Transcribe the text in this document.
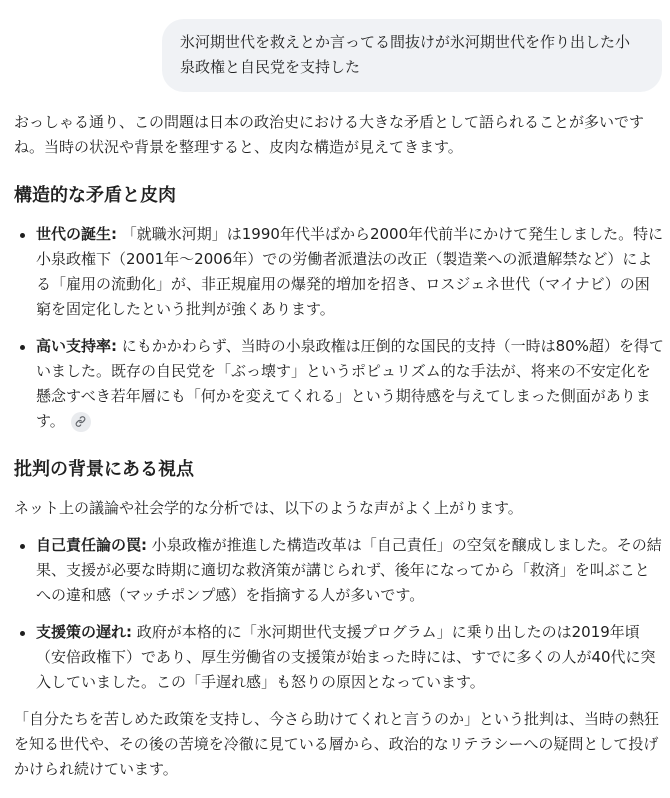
氷河期世代を救えとか言ってる間抜けが氷河期世代を作り出した小泉政権と自民党を支持した

おっしゃる通り、この問題は日本の政治史における大きな矛盾として語られることが多いですね。当時の状況や背景を整理すると、皮肉な構造が見えてきます。

構造的な矛盾と皮肉
世代の誕生: 「就職氷河期」は1990年代半ばから2000年代前半にかけて発生しました。特に小泉政権下（2001年〜2006年）での労働者派遣法の改正（製造業への派遣解禁など）による「雇用の流動化」が、非正規雇用の爆発的増加を招き、ロスジェネ世代（マイナビ）の困窮を固定化したという批判が強くあります。
高い支持率: にもかかわらず、当時の小泉政権は圧倒的な国民的支持（一時は80%超）を得ていました。既存の自民党を「ぶっ壊す」というポピュリズム的な手法が、将来の不安定化を懸念すべき若年層にも「何かを変えてくれる」という期待感を与えてしまった側面があります。
批判の背景にある視点

ネット上の議論や社会学的な分析では、以下のような声がよく上がります。

自己責任論の罠: 小泉政権が推進した構造改革は「自己責任」の空気を醸成しました。その結果、支援が必要な時期に適切な救済策が講じられず、後年になってから「救済」を叫ぶことへの違和感（マッチポンプ感）を指摘する人が多いです。
支援策の遅れ: 政府が本格的に「氷河期世代支援プログラム」に乗り出したのは2019年頃（安倍政権下）であり、厚生労働省の支援策が始まった時には、すでに多くの人が40代に突入していました。この「手遅れ感」も怒りの原因となっています。

「自分たちを苦しめた政策を支持し、今さら助けてくれと言うのか」という批判は、当時の熱狂を知る世代や、その後の苦境を冷徹に見ている層から、政治的なリテラシーへの疑問として投げかけられ続けています。
